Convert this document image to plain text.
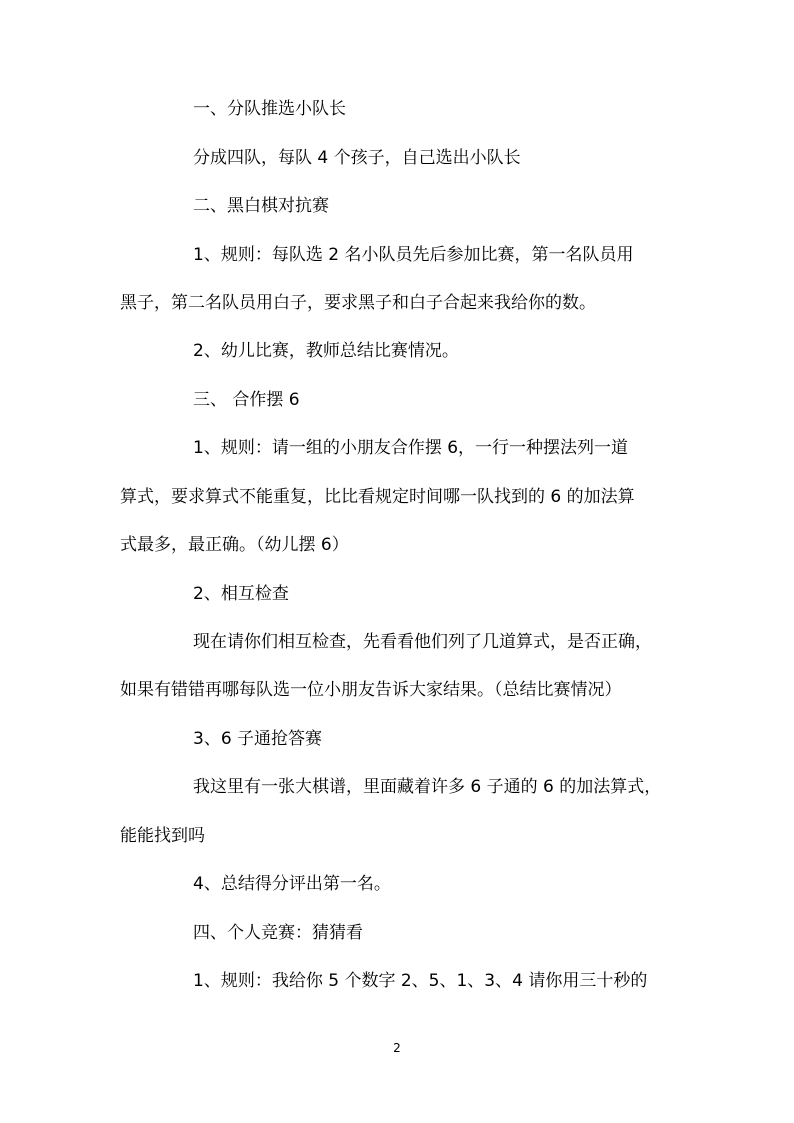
一、分队推选小队长
分成四队，每队 4 个孩子，自己选出小队长
二、黑白棋对抗赛
1、规则：每队选 2 名小队员先后参加比赛，第一名队员用
黑子，第二名队员用白子，要求黑子和白子合起来我给你的数。
2、幼儿比赛，教师总结比赛情况。
三、 合作摆 6
1、规则：请一组的小朋友合作摆 6，一行一种摆法列一道
算式，要求算式不能重复，比比看规定时间哪一队找到的 6 的加法算
式最多，最正确。（幼儿摆 6）
2、相互检查
现在请你们相互检查，先看看他们列了几道算式，是否正确，
如果有错错再哪每队选一位小朋友告诉大家结果。（总结比赛情况）
3、6 子通抢答赛
我这里有一张大棋谱，里面藏着许多 6 子通的 6 的加法算式，
能能找到吗
4、总结得分评出第一名。
四、个人竞赛：猜猜看
1、规则：我给你 5 个数字 2、5、1、3、4 请你用三十秒的
2
